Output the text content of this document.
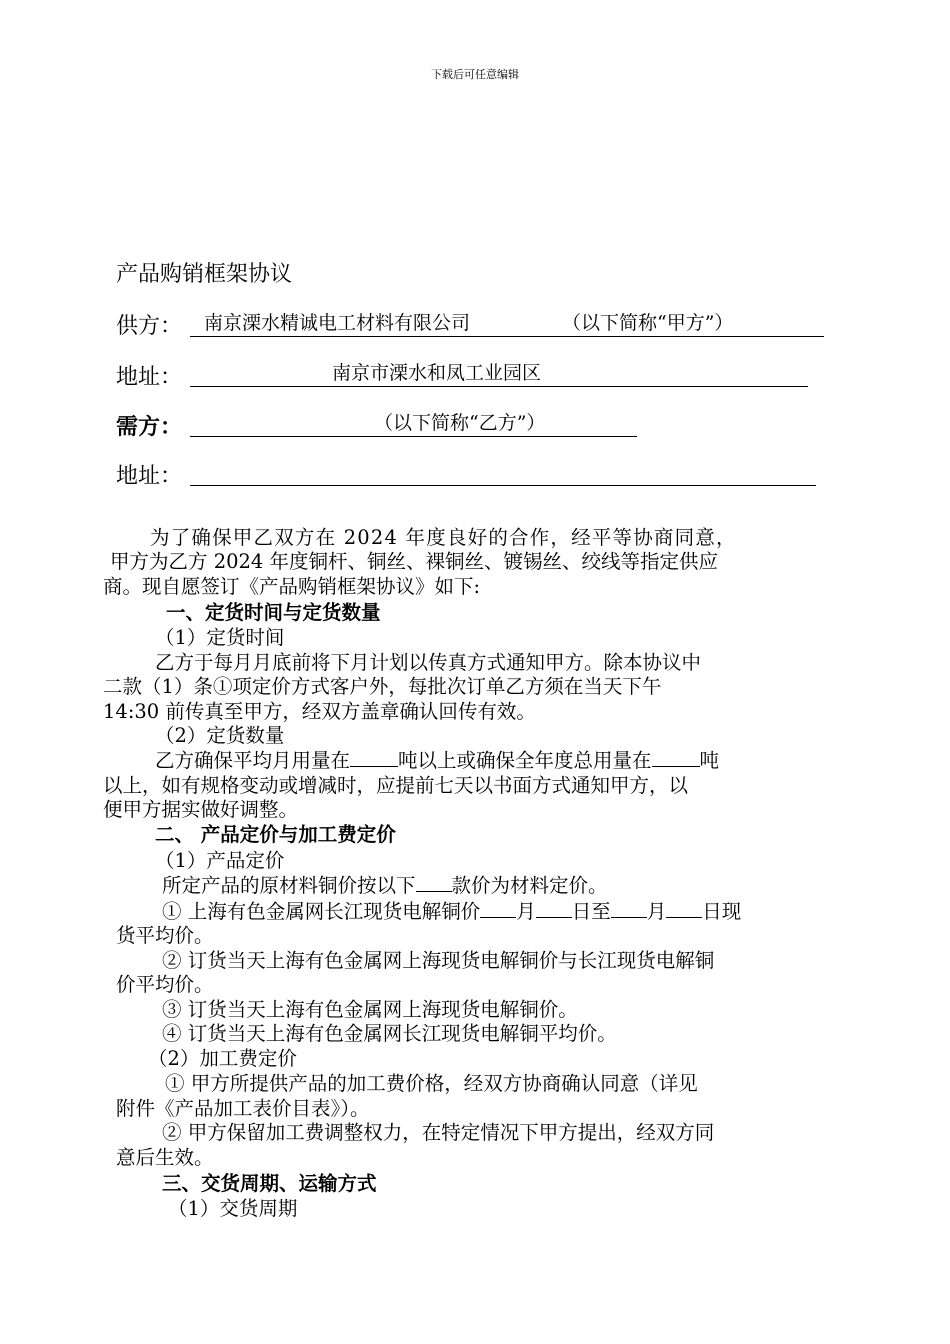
下载后可任意编辑
产品购销框架协议
供方： 南京溧水精诚电工材料有限公司	（以下简称“甲方”）
地址：	南京市溧水和凤工业园区
需方：	（以下简称“乙方”）
地址：
为了确保甲乙双方在 2024 年度良好的合作，经平等协商同意，
甲方为乙方 2024 年度铜杆、铜丝、裸铜丝、镀锡丝、绞线等指定供应
商。现自愿签订《产品购销框架协议》如下:
一、定货时间与定货数量
（1）定货时间
乙方于每月月底前将下月计划以传真方式通知甲方。除本协议中
二款（1）条①项定价方式客户外，每批次订单乙方须在当天下午
14:30 前传真至甲方，经双方盖章确认回传有效。
（2）定货数量
乙方确保平均月用量在 吨以上或确保全年度总用量在 吨
以上，如有规格变动或增减时，应提前七天以书面方式通知甲方，以
便甲方据实做好调整。
二、 产品定价与加工费定价
（1）产品定价
所定产品的原材料铜价按以下 款价为材料定价。
① 上海有色金属网长江现货电解铜价 月 日至 月 日现
货平均价。
② 订货当天上海有色金属网上海现货电解铜价与长江现货电解铜
价平均价。
③ 订货当天上海有色金属网上海现货电解铜价。
④ 订货当天上海有色金属网长江现货电解铜平均价。
（2）加工费定价
① 甲方所提供产品的加工费价格，经双方协商确认同意（详见
附件《产品加工表价目表》）。
② 甲方保留加工费调整权力，在特定情况下甲方提出，经双方同
意后生效。
三、交货周期、运输方式
（1）交货周期
